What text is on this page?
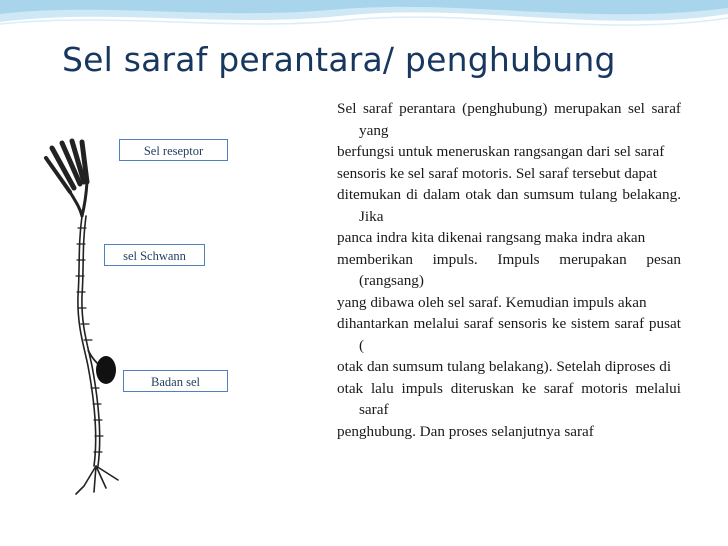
Sel saraf perantara/ penghubung
Sel reseptor
sel Schwann
Badan sel

Sel saraf perantara (penghubung) merupakan sel saraf yang

berfungsi untuk meneruskan rangsangan dari sel saraf

sensoris ke sel saraf motoris. Sel saraf tersebut dapat

ditemukan di dalam otak dan sumsum tulang belakang. Jika

panca indra kita dikenai rangsang maka indra akan

memberikan impuls. Impuls merupakan pesan (rangsang)

yang dibawa oleh sel saraf. Kemudian impuls akan

dihantarkan melalui saraf sensoris ke sistem saraf pusat (

otak dan sumsum tulang belakang). Setelah diproses di

otak lalu impuls diteruskan ke saraf motoris melalui saraf

penghubung. Dan proses selanjutnya saraf
